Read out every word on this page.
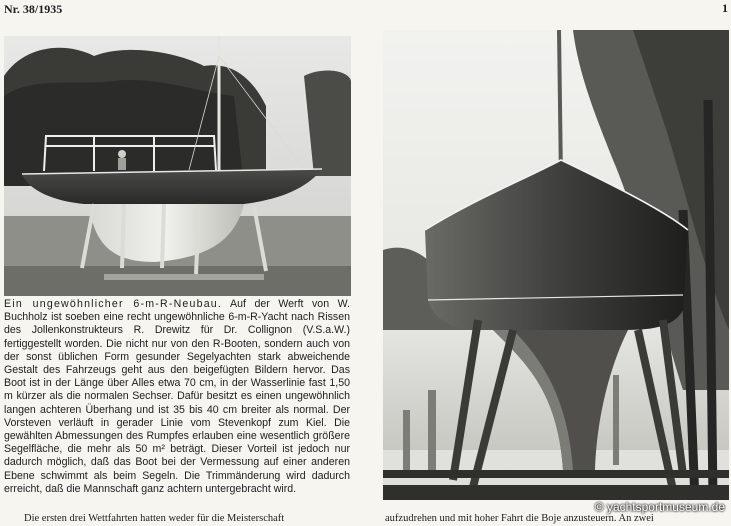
Nr. 38/1935	1
Ein ungewöhnlicher 6-m-R-Neubau. Auf der Werft von W. Buchholz ist soeben eine recht ungewöhnliche 6-m-R-Yacht nach Rissen des Jollenkonstrukteurs R. Drewitz für Dr. Collignon (V.S.a.W.) fertiggestellt worden. Die nicht nur von den R-Booten, sondern auch von der sonst üblichen Form gesunder Segelyachten stark abweichende Gestalt des Fahrzeugs geht aus den beigefügten Bildern hervor. Das Boot ist in der Länge über Alles etwa 70 cm, in der Wasserlinie fast 1,50 m kürzer als die normalen Sechser. Dafür besitzt es einen ungewöhnlich langen achteren Überhang und ist 35 bis 40 cm breiter als normal. Der Vorsteven verläuft in gerader Linie vom Stevenkopf zum Kiel. Die gewählten Abmessungen des Rumpfes erlauben eine wesentlich größere Segelfläche, die mehr als 50 m² beträgt. Dieser Vorteil ist jedoch nur dadurch möglich, daß das Boot bei der Vermessung auf einer anderen Ebene schwimmt als beim Segeln. Die Trimmänderung wird dadurch erreicht, daß die Mannschaft ganz achtern untergebracht wird.
Die ersten drei Wettfahrten hatten weder für die Meisterschaft	aufzudrehen und mit hoher Fahrt die Boje anzusteuern. An zwei
© yachtsportmuseum.de
